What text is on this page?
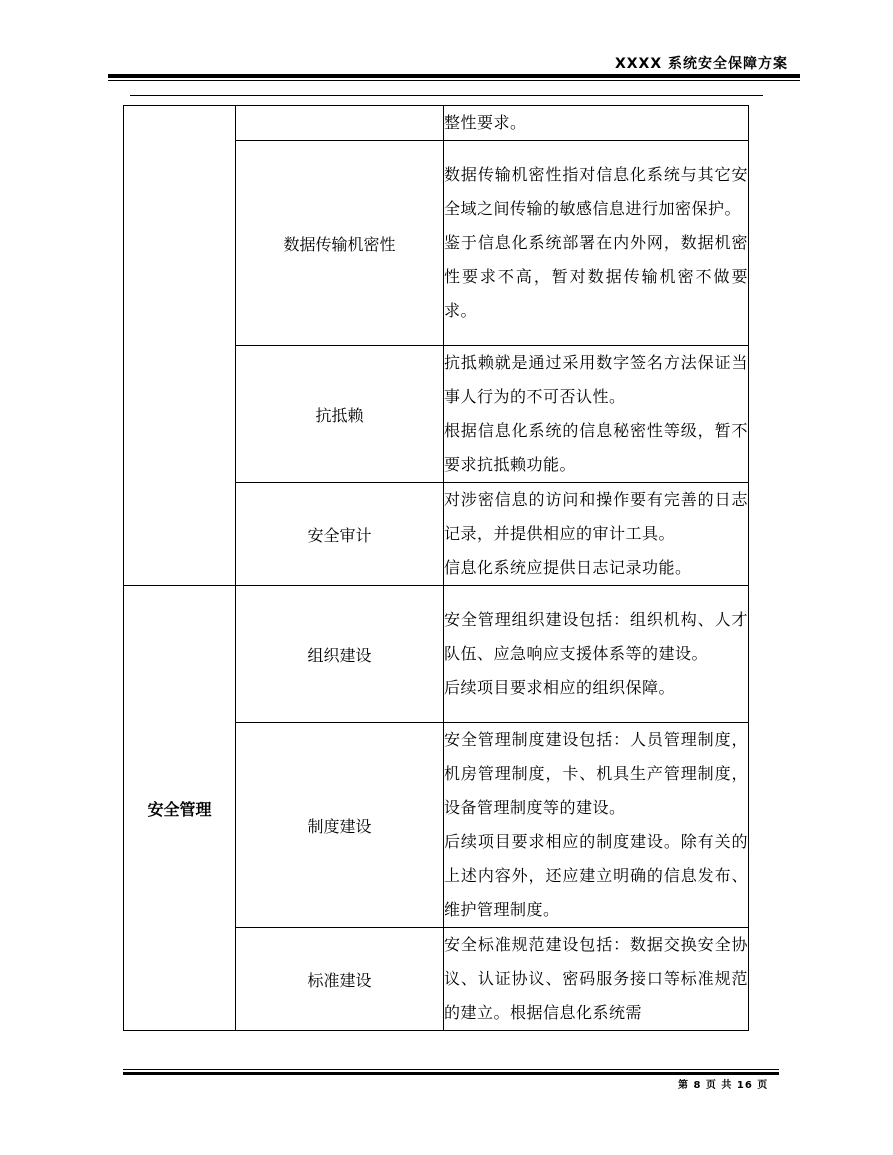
XXXX 系统安全保障方案

		整性要求。

	数据传输机密性	数据传输机密性指对信息化系统与其它安全域之间传输的敏感信息进行加密保护。

鉴于信息化系统部署在内外网，数据机密性要求不高，暂对数据传输机密不做要求。

	抗抵赖	抗抵赖就是通过采用数字签名方法保证当事人行为的不可否认性。

根据信息化系统的信息秘密性等级，暂不要求抗抵赖功能。

	安全审计	对涉密信息的访问和操作要有完善的日志记录，并提供相应的审计工具。

信息化系统应提供日志记录功能。

安全管理	组织建设	安全管理组织建设包括：组织机构、人才队伍、应急响应支援体系等的建设。

后续项目要求相应的组织保障。

	制度建设	安全管理制度建设包括：人员管理制度，机房管理制度，卡、机具生产管理制度，设备管理制度等的建设。

后续项目要求相应的制度建设。除有关的上述内容外，还应建立明确的信息发布、维护管理制度。

	标准建设	安全标准规范建设包括：数据交换安全协议、认证协议、密码服务接口等标准规范的建立。根据信息化系统需

第 8 页 共 16 页
